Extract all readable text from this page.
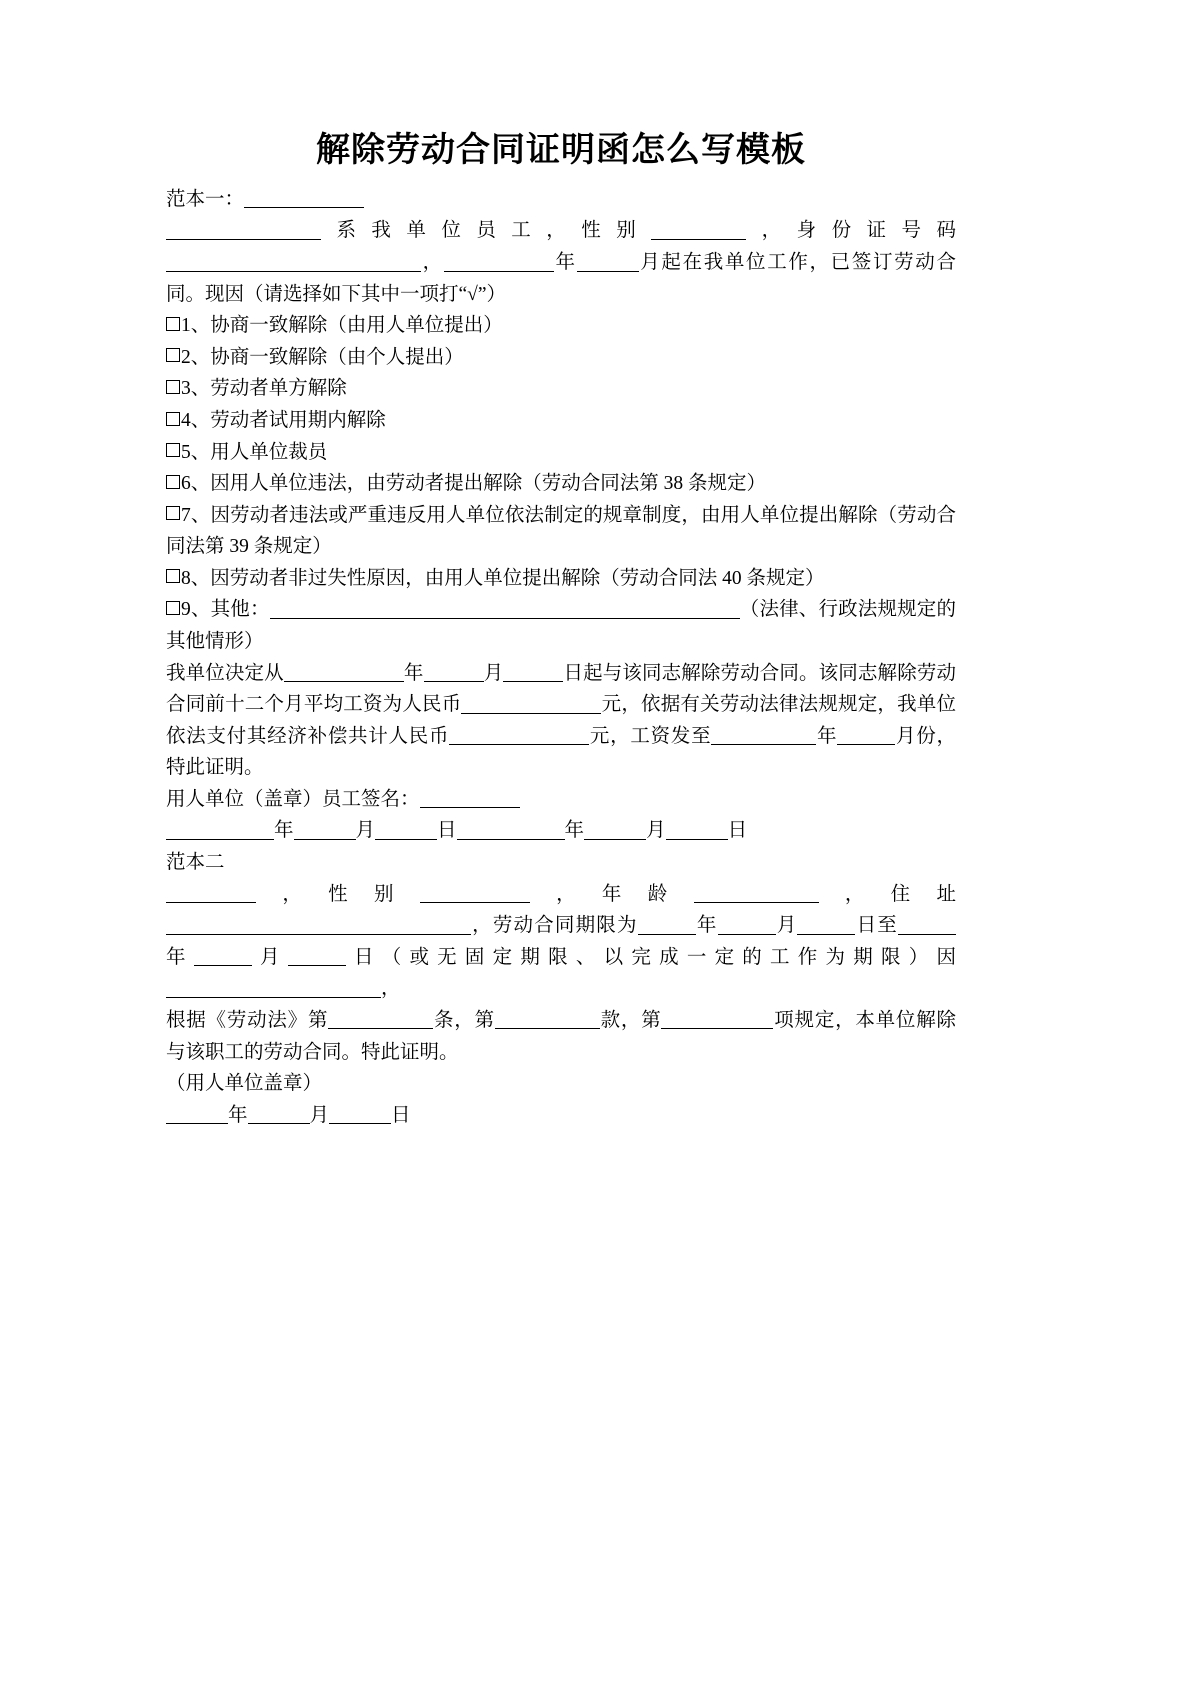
解除劳动合同证明函怎么写模板

范本一：

系我单位员工，性别	，身份证号码，	年	月起在我单位工作，已签订劳动合同。现因（请选择如下其中一项打“√”）

1、协商一致解除（由用人单位提出）

2、协商一致解除（由个人提出）

3、劳动者单方解除

4、劳动者试用期内解除

5、用人单位裁员

6、因用人单位违法，由劳动者提出解除（劳动合同法第 38 条规定）

7、因劳动者违法或严重违反用人单位依法制定的规章制度，由用人单位提出解除（劳动合同法第 39 条规定）

8、因劳动者非过失性原因，由用人单位提出解除（劳动合同法 40 条规定）

9、其他：	（法律、行政法规规定的其他情形）

我单位决定从	年	月	日起与该同志解除劳动合同。该同志解除劳动合同前十二个月平均工资为人民币	元，依据有关劳动法律法规规定，我单位依法支付其经济补偿共计人民币	元，工资发至	年	月份，特此证明。

用人单位（盖章）员工签名：

年	月	日	年	月	日

范本二

，性别	，年龄	，住址，劳动合同期限为	年	月	日至年	月	日（或无固定期限、以完成一定的工作为期限）因，

根据《劳动法》第	条，第	款，第	项规定，本单位解除与该职工的劳动合同。特此证明。

（用人单位盖章）

年	月	日
